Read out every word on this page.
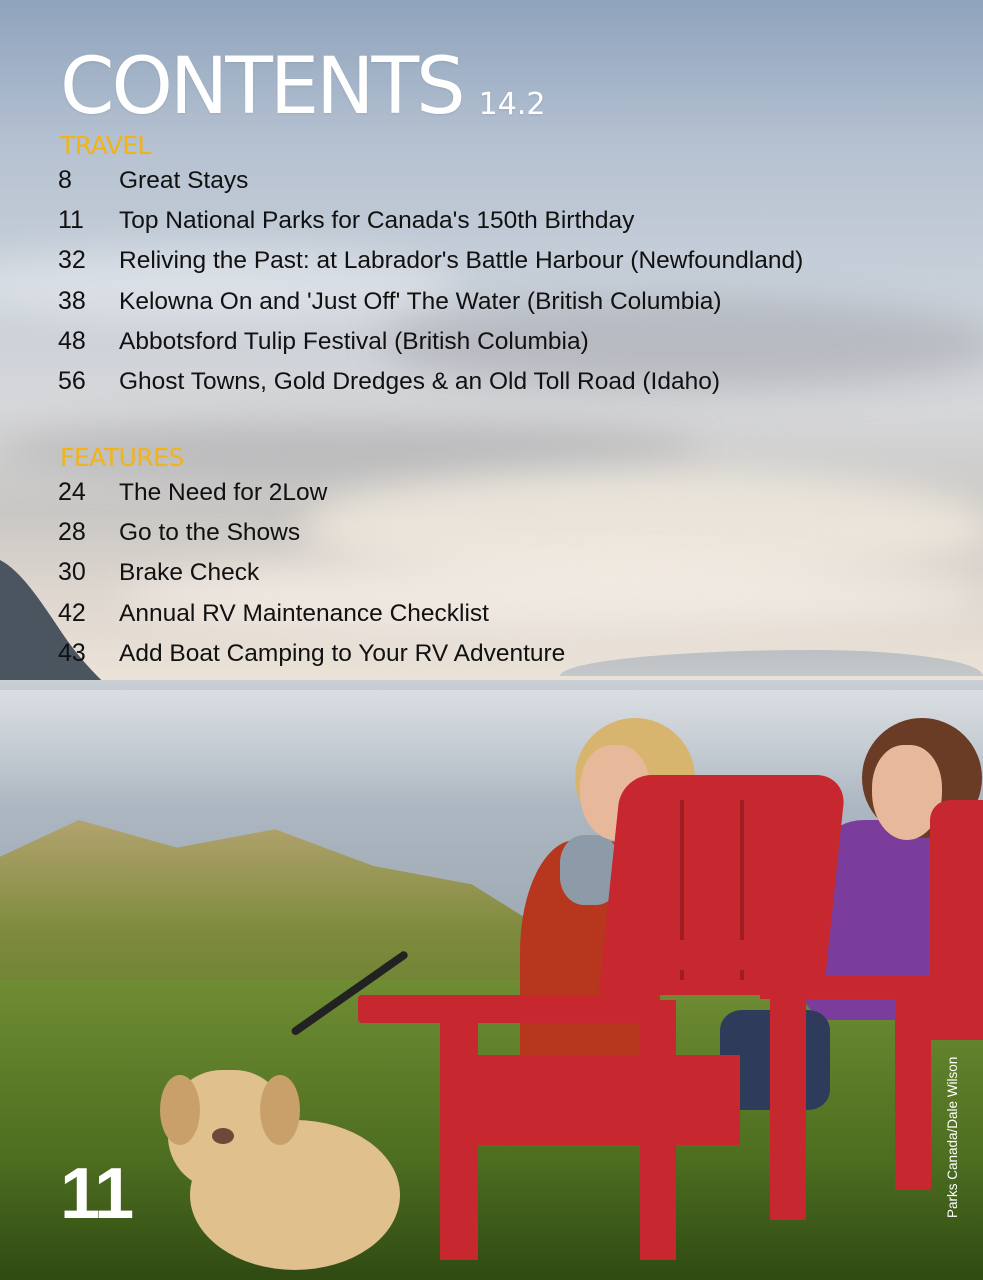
CONTENTS 14.2
TRAVEL
8	Great Stays
11	Top National Parks for Canada's 150th Birthday
32	Reliving the Past: at Labrador's Battle Harbour (Newfoundland)
38	Kelowna On and 'Just Off' The Water (British Columbia)
48	Abbotsford Tulip Festival (British Columbia)
56	Ghost Towns, Gold Dredges & an Old Toll Road (Idaho)
FEATURES
24	The Need for 2Low
28	Go to the Shows
30	Brake Check
42	Annual RV Maintenance Checklist
43	Add Boat Camping to Your RV Adventure
11	Parks Canada/Dale Wilson
